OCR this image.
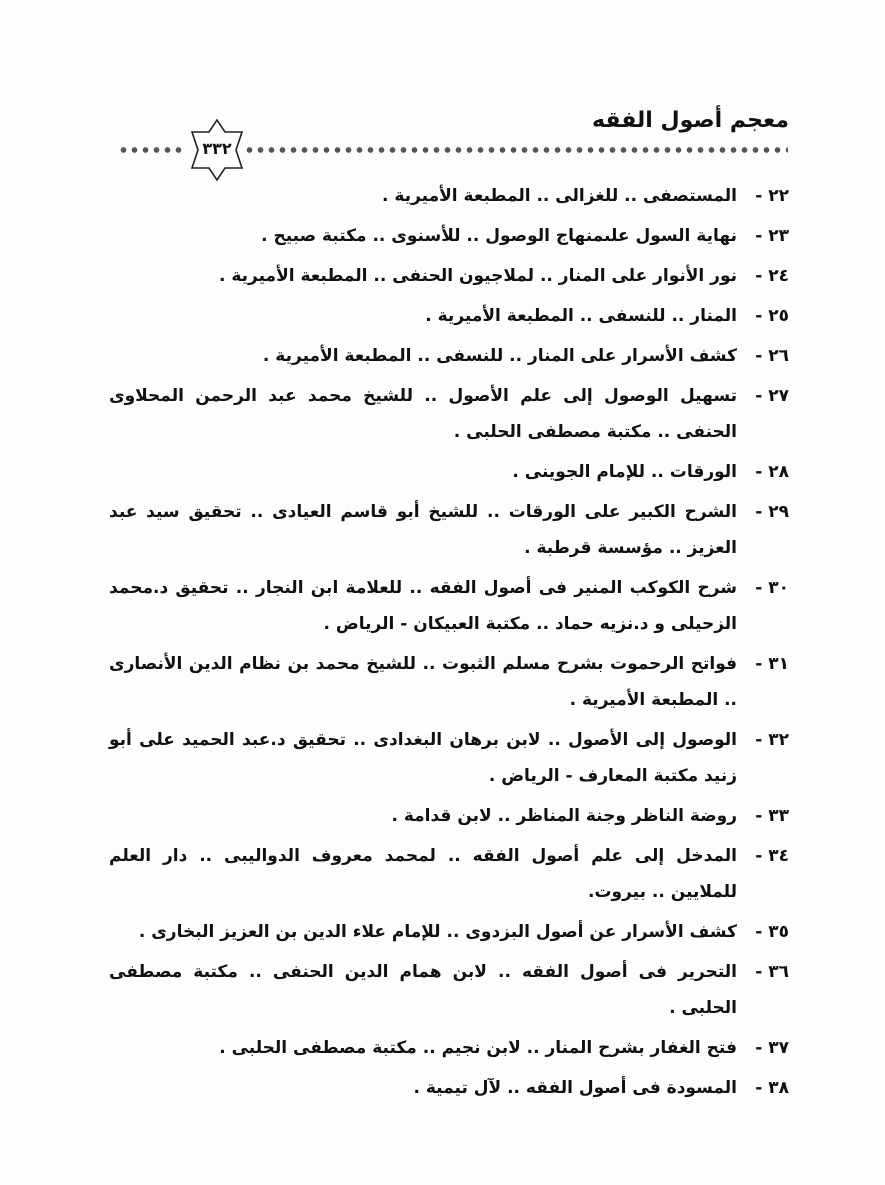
معجم أصول الفقه
٣٣٢
٢٢ -
المستصفى .. للغزالى .. المطبعة الأميرية .
٢٣ -
نهاية السول علىمنهاج الوصول .. للأسنوى .. مكتبة صبيح .
٢٤ -
نور الأنوار على المنار .. لملاجيون الحنفى .. المطبعة الأميرية .
٢٥ -
المنار .. للنسفى .. المطبعة الأميرية .
٢٦ -
كشف الأسرار على المنار .. للنسفى .. المطبعة الأميرية .
٢٧ -
تسهيل الوصول إلى علم الأصول .. للشيخ محمد عبد الرحمن المحلاوى الحنفى .. مكتبة مصطفى الحلبى .
٢٨ -
الورقات .. للإمام الجوينى .
٢٩ -
الشرح الكبير على الورقات .. للشيخ أبو قاسم العيادى .. تحقيق سيد عبد العزيز .. مؤسسة قرطبة .
٣٠ -
شرح الكوكب المنير فى أصول الفقه .. للعلامة ابن النجار .. تحقيق د.محمد الزحيلى و د.نزيه حماد .. مكتبة العبيكان - الرياض .
٣١ -
فواتح الرحموت بشرح مسلم الثبوت .. للشيخ محمد بن نظام الدين الأنصارى .. المطبعة الأميرية .
٣٢ -
الوصول إلى الأصول .. لابن برهان البغدادى .. تحقيق د.عبد الحميد على أبو زنيد مكتبة المعارف - الرياض .
٣٣ -
روضة الناظر وجنة المناظر .. لابن قدامة .
٣٤ -
المدخل إلى علم أصول الفقه .. لمحمد معروف الدواليبى .. دار العلم للملايين .. بيروت.
٣٥ -
كشف الأسرار عن أصول البزدوى .. للإمام علاء الدين بن العزيز البخارى .
٣٦ -
التحرير فى أصول الفقه .. لابن همام الدين الحنفى .. مكتبة مصطفى الحلبى .
٣٧ -
فتح الغفار بشرح المنار .. لابن نجيم .. مكتبة مصطفى الحلبى .
٣٨ -
المسودة فى أصول الفقه .. لآل تيمية .
